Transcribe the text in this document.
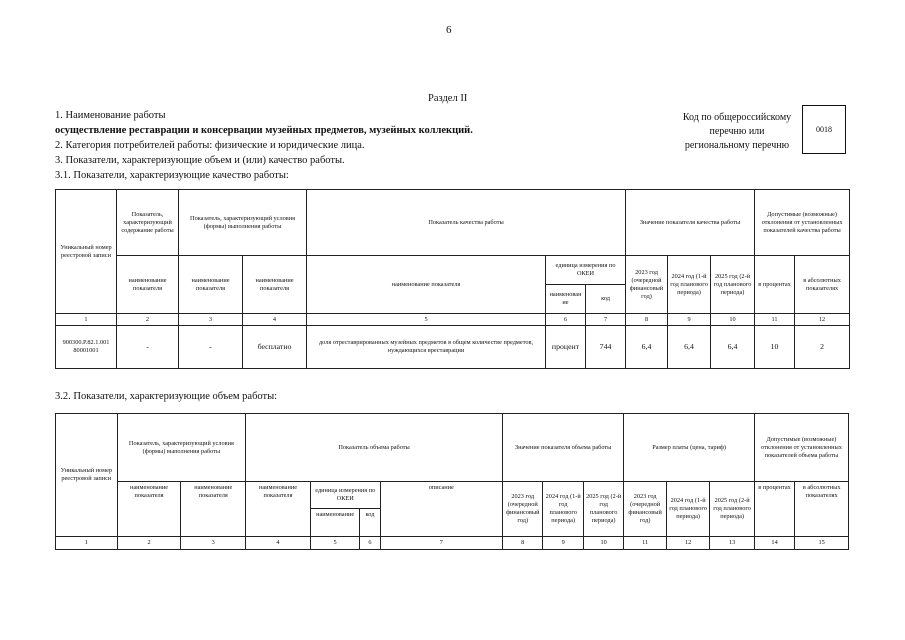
6
Раздел II
1. Наименование работы
осуществление реставрации и консервации музейных предметов, музейных коллекций.
2. Категория потребителей работы: физические и юридические лица.
3. Показатели, характеризующие объем и (или) качество работы.
3.1. Показатели, характеризующие качество работы:
Код по общероссийскому
перечню или
региональному перечню
0018
Уникальный номер реестровой записи	Показатель, характеризующий содержание работы	Показатель, характеризующий условия (формы) выполнения работы		Показатель качества работы			Значение показателя качества работы			Допустимые (возможные) отклонения от установленных показателей качества работы	
	наименование показателя	наименование показателя	наименование показателя	наименование показателя	единица измерения по ОКЕИ		2023 год (очередной финансовый год)	2024 год (1-й год планового периода)	2025 год (2-й год планового периода)	в процентах	в абсолютных показателях
					наименован ие	код					
1	2	3	4	5	6	7	8	9	10	11	12
900300.Р.82.1.001 80001001	-	-	бесплатно	доля отреставрированных музейных предметов в общем количестве предметов, нуждающихся вреставрации	процент	744	6,4	6,4	6,4	10	2
3.2. Показатели, характеризующие объем работы:
Уникальный номер реестровой записи	Показатель, характеризующий условия (формы) выполнения работы		Показатель объема работы				Значение показателя объема работы			Размер платы (цена, тариф)			Допустимые (возможные) отклонения от установленных показателей объема работы	
	наименование показателя	наименование показателя	наименование показателя	единица измерения по ОКЕИ		описание	2023 год (очередной финансовый год)	2024 год (1-й год планового периода)	2025 год (2-й год планового периода)	2023 год (очередной финансовый год)	2024 год (1-й год планового периода)	2025 год (2-й год планового периода)	в процентах	в абсолютных показателях
				наименование	код									
1	2	3	4	5	6	7	8	9	10	11	12	13	14	15
